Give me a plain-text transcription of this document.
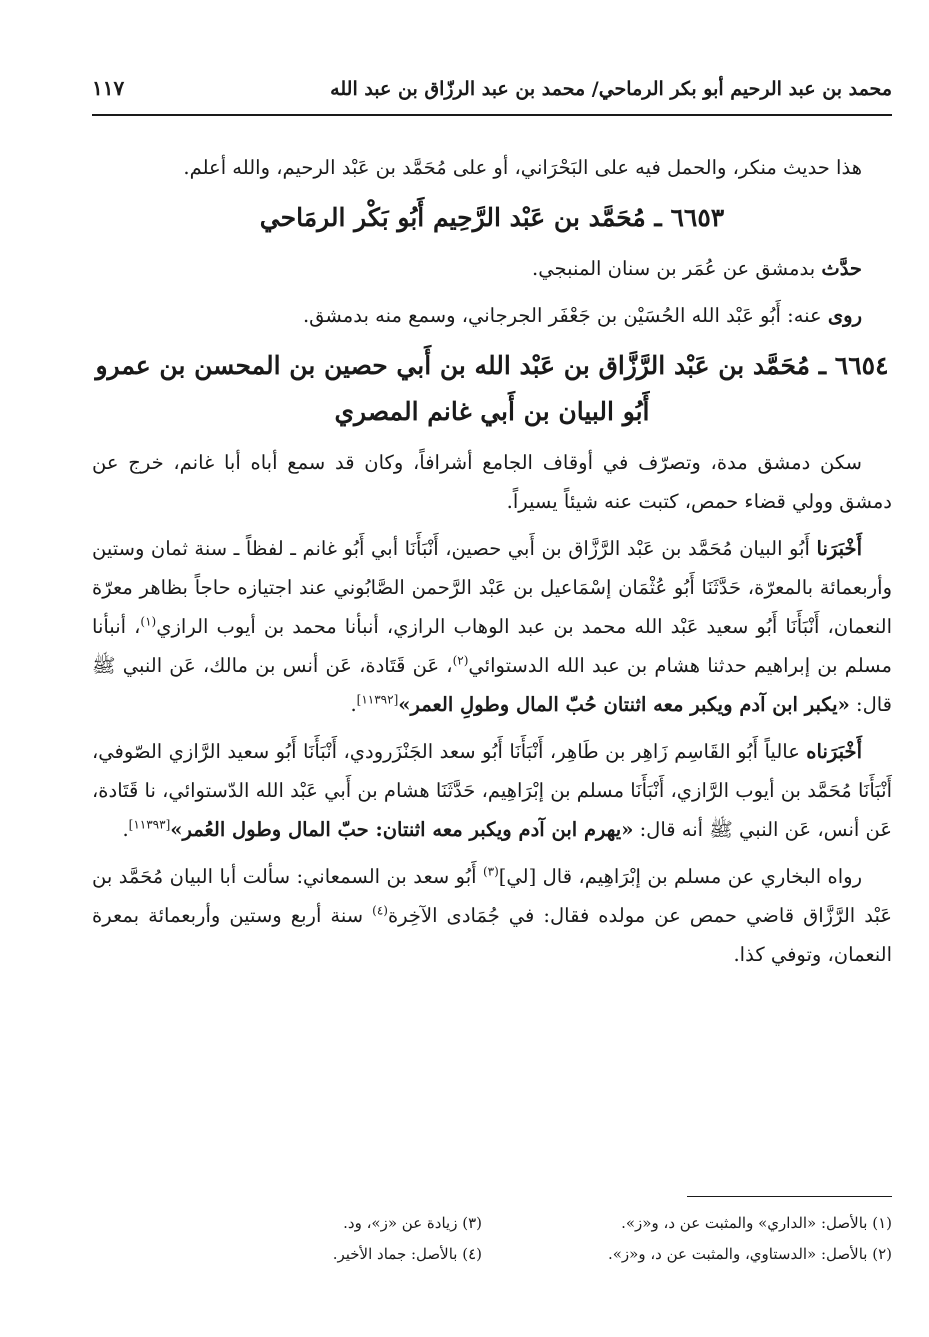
محمد بن عبد الرحيم أبو بكر الرماحي/ محمد بن عبد الرزّاق بن عبد الله
١١٧

هذا حديث منكر، والحمل فيه على البَحْرَاني، أو على مُحَمَّد بن عَبْد الرحيم، والله أعلم.

٦٦٥٣ ـ مُحَمَّد بن عَبْد الرَّحِيم أَبُو بَكْر الرمَاحي

حدَّث بدمشق عن عُمَر بن سنان المنبجي.

روى عنه: أَبُو عَبْد الله الحُسَيْن بن جَعْفَر الجرجاني، وسمع منه بدمشق.

٦٦٥٤ ـ مُحَمَّد بن عَبْد الرَّزَّاق بن عَبْد الله بن أَبي حصين بن المحسن بن عمرو
أَبُو البيان بن أَبي غانم المصري

سكن دمشق مدة، وتصرّف في أوقاف الجامع أشرافاً، وكان قد سمع أباه أبا غانم، خرج عن دمشق وولي قضاء حمص، كتبت عنه شيئاً يسيراً.

أَخْبَرَنا أَبُو البيان مُحَمَّد بن عَبْد الرَّزَّاق بن أَبي حصين، أَنْبَأَنَا أبي أَبُو غانم ـ لفظاً ـ سنة ثمان وستين وأربعمائة بالمعرّة، حَدَّثَنَا أَبُو عُثْمَان إسْمَاعيل بن عَبْد الرَّحمن الصَّابُوني عند اجتيازه حاجاً بظاهر معرّة النعمان، أَنْبَأَنَا أَبُو سعيد عَبْد الله محمد بن عبد الوهاب الرازي، أنبأنا محمد بن أيوب الرازي$^{(١)}$، أنبأنا مسلم بن إبراهيم حدثنا هشام بن عبد الله الدستوائي$^{(٢)}$، عَن قَتَادة، عَن أنس بن مالك، عَن النبي ﷺ قال: «يكبر ابن آدم ويكبر معه اثنتان حُبّ المال وطولِ العمر»[١١٣٩٢].

أَخْبَرَناه عالياً أَبُو القَاسِم زَاهِر بن طَاهِر، أَنْبَأَنَا أَبُو سعد الجَنْزَرودي، أَنْبَأَنَا أَبُو سعيد الرَّازي الصّوفي، أَنْبَأَنَا مُحَمَّد بن أيوب الرَّازي، أَنْبَأَنَا مسلم بن إبْرَاهِيم، حَدَّثَنَا هشام بن أَبي عَبْد الله الدّستوائي، نا قَتَادة، عَن أنس، عَن النبي ﷺ أنه قال: «يهرم ابن آدم ويكبر معه اثنتان: حبّ المال وطول العُمر»[١١٣٩٣].

رواه البخاري عن مسلم بن إبْرَاهِيم، قال [لي]$^{(٣)}$ أَبُو سعد بن السمعاني: سألت أبا البيان مُحَمَّد بن عَبْد الرَّزَّاق قاضي حمص عن مولده فقال: في جُمَادى الآخِرة$^{(٤)}$ سنة أربع وستين وأربعمائة بمعرة النعمان، وتوفي كذا.

(١) بالأصل: «الداري» والمثبت عن د، و«ز».
(٣) زيادة عن «ز»، ود.
(٢) بالأصل: «الدستاوي، والمثبت عن د، و«ز».
(٤) بالأصل: جماد الأخير.
